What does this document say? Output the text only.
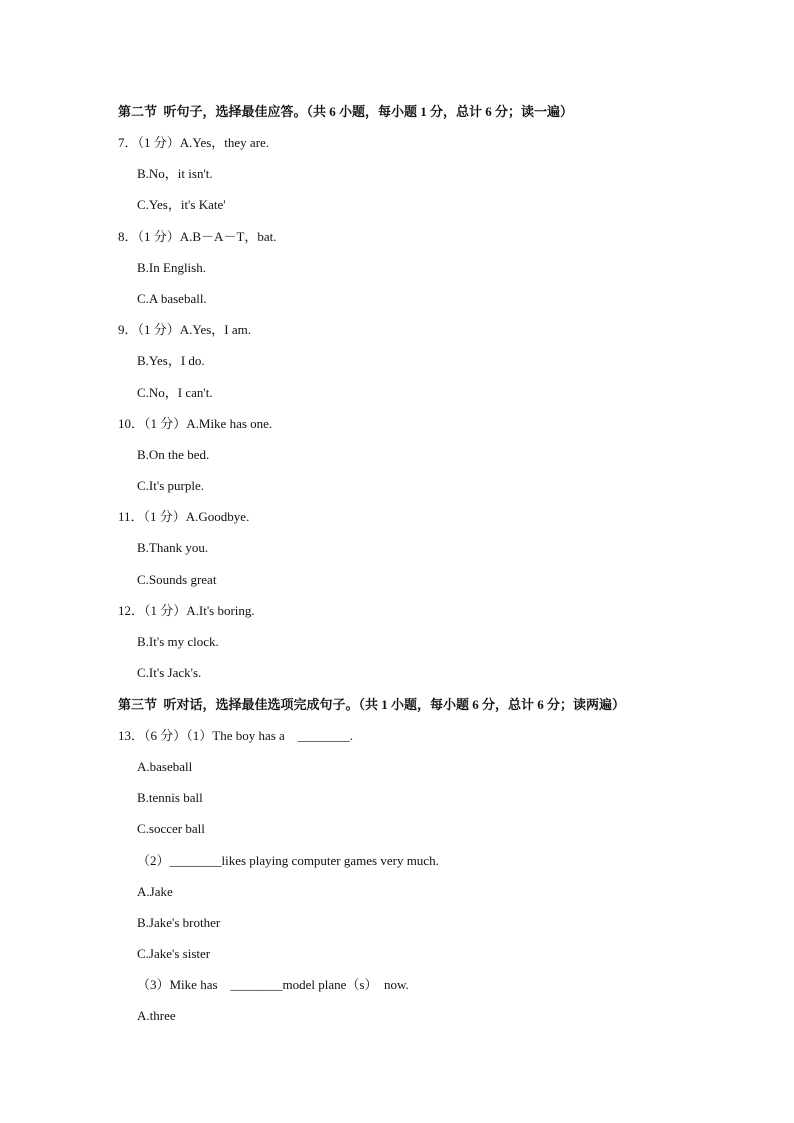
第二节  听句子，选择最佳应答。（共 6 小题，每小题 1 分，总计 6 分；读一遍）
7．（1 分）A.Yes，they are.
B.No，it isn't.
C.Yes，it's Kate'
8．（1 分）A.B－A－T，bat.
B.In English.
C.A baseball.
9．（1 分）A.Yes，I am.
B.Yes，I do.
C.No，I can't.
10．（1 分）A.Mike has one.
B.On the bed.
C.It's purple.
11．（1 分）A.Goodbye.
B.Thank you.
C.Sounds great
12．（1 分）A.It's boring.
B.It's my clock.
C.It's Jack's.
第三节  听对话，选择最佳选项完成句子。（共 1 小题，每小题 6 分，总计 6 分；读两遍）
13．（6 分）（1）The boy has a    ________.
A.baseball
B.tennis ball
C.soccer ball
（2）________likes playing computer games very much.
A.Jake
B.Jake's brother
C.Jake's sister
（3）Mike has    ________model plane（s）  now.
A.three
